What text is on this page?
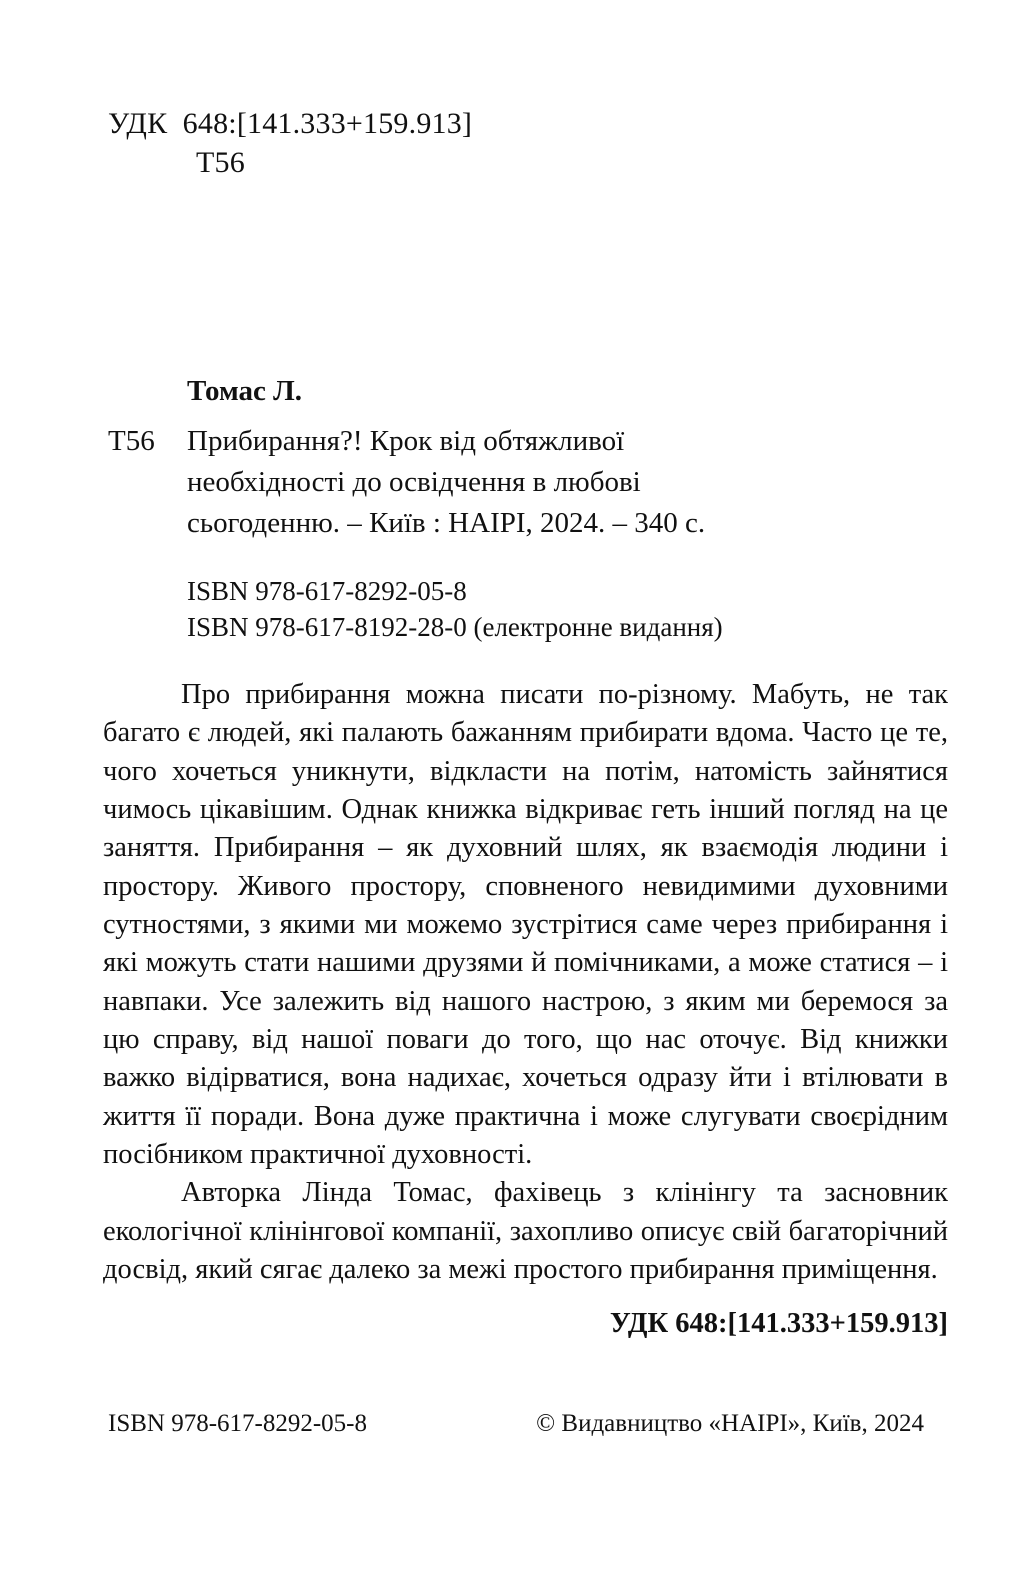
УДК  648:[141.333+159.913]
Т56
Томас Л.
Т56 Прибирання?! Крок від обтяжливої
необхідності до освідчення в любові
сьогоденню. – Київ : НАІРІ, 2024. – 340 с.
ISBN 978-617-8292-05-8
ISBN 978-617-8192-28-0 (електронне видання)

Про прибирання можна писати по-різному. Мабуть, не так багато є людей, які палають бажанням прибирати вдома. Часто це те, чого хочеться уникнути, відкласти на потім, натомість зайнятися чимось цікавішим. Однак книжка відкриває геть інший погляд на це заняття. Прибирання – як духовний шлях, як взаємодія людини і простору. Живого простору, сповненого невидимими духовними сутностями, з якими ми можемо зустрітися саме через прибирання і які можуть стати нашими друзями й помічниками, а може статися – і навпаки. Усе залежить від нашого настрою, з яким ми беремося за цю справу, від нашої поваги до того, що нас оточує. Від книжки важко відірватися, вона надихає, хочеться одразу йти і втілювати в життя її поради. Вона дуже практична і може слугувати своєрідним посібником практичної духовності.

Авторка Лінда Томас, фахівець з клінінгу та засновник екологічної клінінгової компанії, захопливо описує свій багаторічний досвід, який сягає далеко за межі простого прибирання приміщення.

УДК 648:[141.333+159.913]
ISBN 978-617-8292-05-8	© Видавництво «НАІРІ», Київ, 2024
